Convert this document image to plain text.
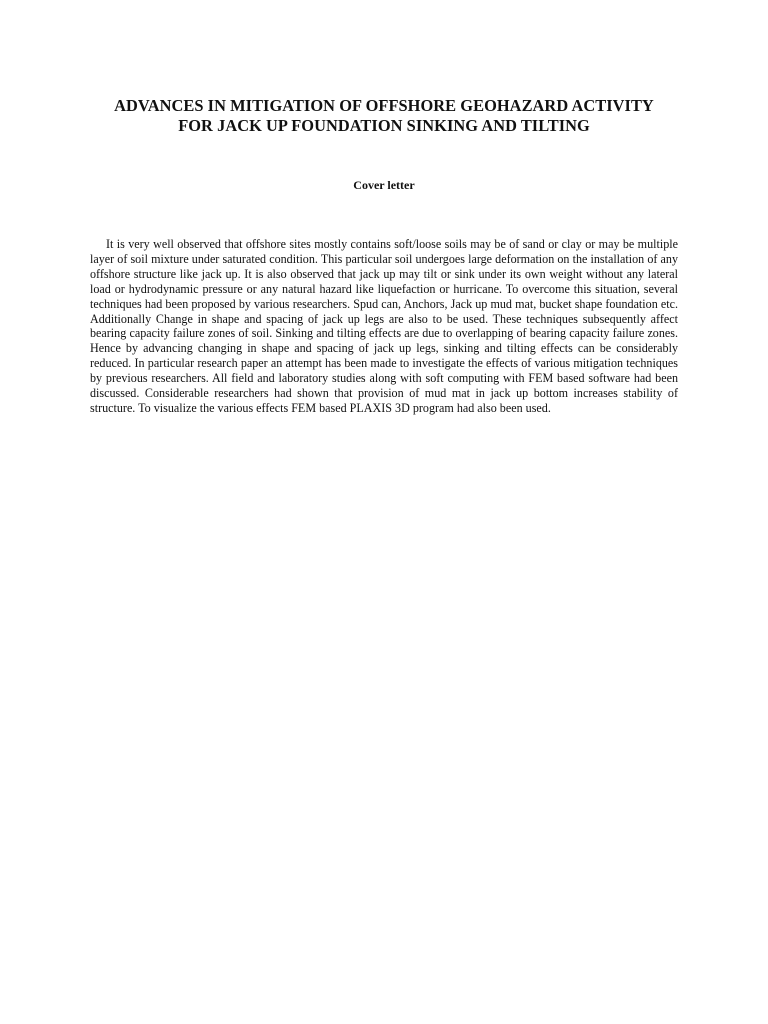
ADVANCES IN MITIGATION OF OFFSHORE GEOHAZARD ACTIVITY
FOR JACK UP FOUNDATION SINKING AND TILTING
Cover letter

It is very well observed that offshore sites mostly contains soft/loose soils may be of sand or clay or may be multiple layer of soil mixture under saturated condition. This particular soil undergoes large deformation on the installation of any offshore structure like jack up. It is also observed that jack up may tilt or sink under its own weight without any lateral load or hydrodynamic pressure or any natural hazard like liquefaction or hurricane. To overcome this situation, several techniques had been proposed by various researchers. Spud can, Anchors, Jack up mud mat, bucket shape foundation etc. Additionally Change in shape and spacing of jack up legs are also to be used. These techniques subsequently affect bearing capacity failure zones of soil. Sinking and tilting effects are due to overlapping of bearing capacity failure zones. Hence by advancing changing in shape and spacing of jack up legs, sinking and tilting effects can be considerably reduced. In particular research paper an attempt has been made to investigate the effects of various mitigation techniques by previous researchers. All field and laboratory studies along with soft computing with FEM based software had been discussed. Considerable researchers had shown that provision of mud mat in jack up bottom increases stability of structure. To visualize the various effects FEM based PLAXIS 3D program had also been used.
